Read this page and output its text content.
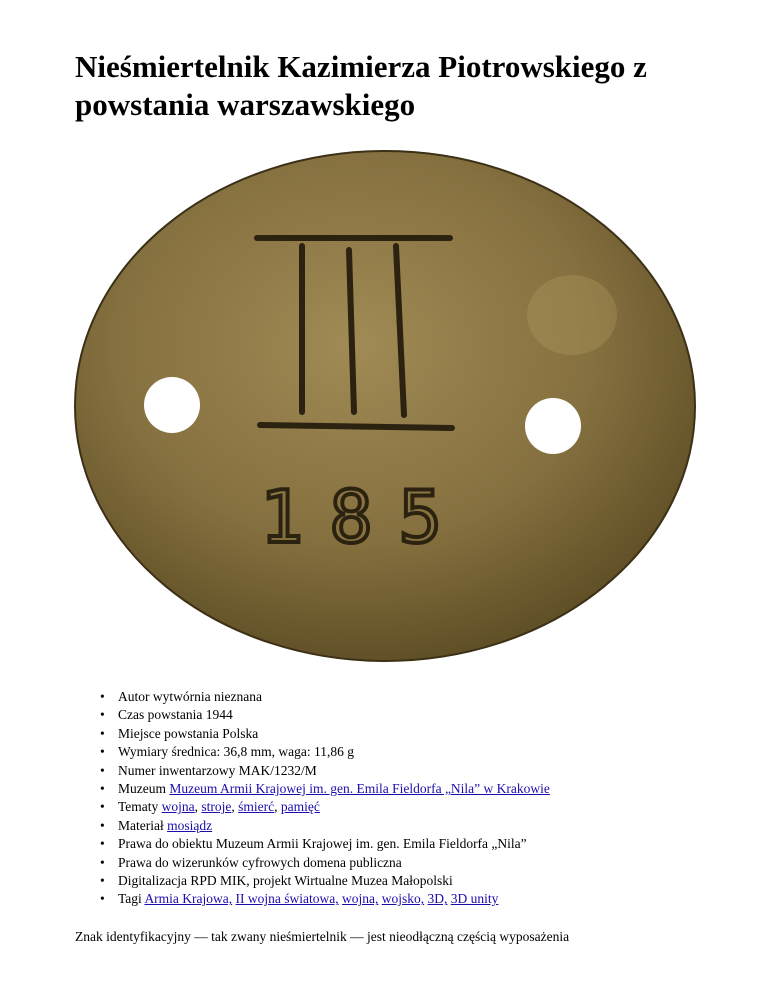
Nieśmiertelnik Kazimierza Piotrowskiego z powstania warszawskiego
185
• Autor wytwórnia nieznana
• Czas powstania 1944
• Miejsce powstania Polska
• Wymiary średnica: 36,8 mm, waga: 11,86 g
• Numer inwentarzowy MAK/1232/M
• Muzeum Muzeum Armii Krajowej im. gen. Emila Fieldorfa „Nila” w Krakowie
• Tematy wojna, stroje, śmierć, pamięć
• Materiał mosiądz
• Prawa do obiektu Muzeum Armii Krajowej im. gen. Emila Fieldorfa „Nila”
• Prawa do wizerunków cyfrowych domena publiczna
• Digitalizacja RPD MIK, projekt Wirtualne Muzea Małopolski
• Tagi Armia Krajowa, II wojna światowa, wojna, wojsko, 3D, 3D unity

Znak identyfikacyjny — tak zwany nieśmiertelnik — jest nieodłączną częścią wyposażenia
